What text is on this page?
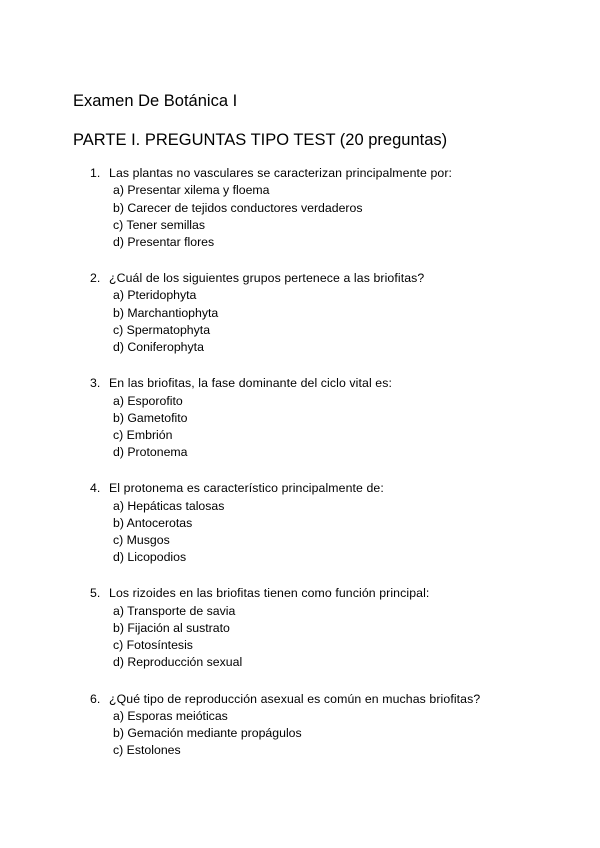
Examen De Botánica I
PARTE I. PREGUNTAS TIPO TEST (20 preguntas)
1. Las plantas no vasculares se caracterizan principalmente por:
a) Presentar xilema y floema
b) Carecer de tejidos conductores verdaderos
c) Tener semillas
d) Presentar flores
2. ¿Cuál de los siguientes grupos pertenece a las briofitas?
a) Pteridophyta
b) Marchantiophyta
c) Spermatophyta
d) Coniferophyta
3. En las briofitas, la fase dominante del ciclo vital es:
a) Esporofito
b) Gametofito
c) Embrión
d) Protonema
4. El protonema es característico principalmente de:
a) Hepáticas talosas
b) Antocerotas
c) Musgos
d) Licopodios
5. Los rizoides en las briofitas tienen como función principal:
a) Transporte de savia
b) Fijación al sustrato
c) Fotosíntesis
d) Reproducción sexual
6. ¿Qué tipo de reproducción asexual es común en muchas briofitas?
a) Esporas meióticas
b) Gemación mediante propágulos
c) Estolones
